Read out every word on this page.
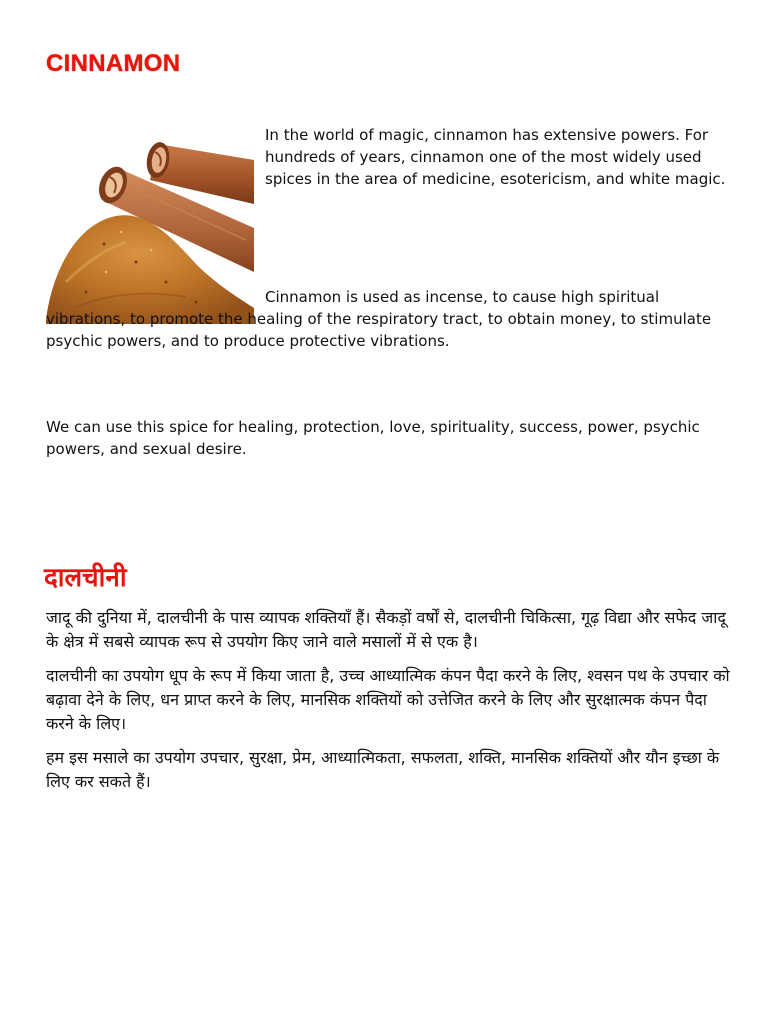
CINNAMON

In the world of magic, cinnamon has extensive powers. For hundreds of years, cinnamon one of the most widely used spices in the area of medicine, esotericism, and white magic.

Cinnamon is used as incense, to cause high spiritual vibrations, to promote the healing of the respiratory tract, to obtain money, to stimulate psychic powers, and to produce protective vibrations.

We can use this spice for healing, protection, love, spirituality, success, power, psychic powers, and sexual desire.

दालचीनी

जादू की दुनिया में, दालचीनी के पास व्यापक शक्तियाँ हैं। सैकड़ों वर्षों से, दालचीनी चिकित्सा, गूढ़ विद्या और सफेद जादू के क्षेत्र में सबसे व्यापक रूप से उपयोग किए जाने वाले मसालों में से एक है।

दालचीनी का उपयोग धूप के रूप में किया जाता है, उच्च आध्यात्मिक कंपन पैदा करने के लिए, श्वसन पथ के उपचार को बढ़ावा देने के लिए, धन प्राप्त करने के लिए, मानसिक शक्तियों को उत्तेजित करने के लिए और सुरक्षात्मक कंपन पैदा करने के लिए।

हम इस मसाले का उपयोग उपचार, सुरक्षा, प्रेम, आध्यात्मिकता, सफलता, शक्ति, मानसिक शक्तियों और यौन इच्छा के लिए कर सकते हैं।
